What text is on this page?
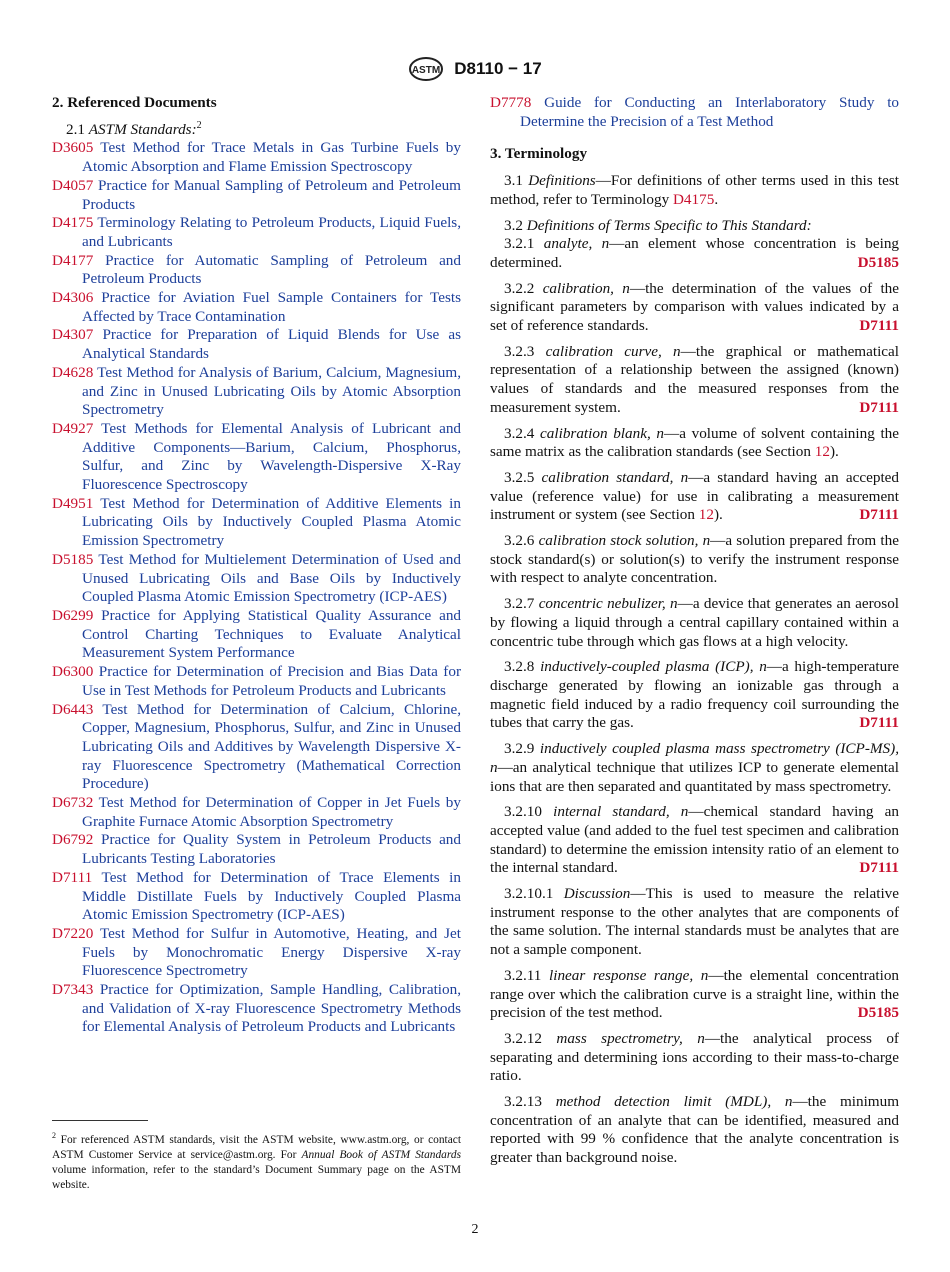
ASTM D8110 − 17
2. Referenced Documents
2.1 ASTM Standards:$^2$

D3605 Test Method for Trace Metals in Gas Turbine Fuels by Atomic Absorption and Flame Emission Spectroscopy

D4057 Practice for Manual Sampling of Petroleum and Petroleum Products

D4175 Terminology Relating to Petroleum Products, Liquid Fuels, and Lubricants

D4177 Practice for Automatic Sampling of Petroleum and Petroleum Products

D4306 Practice for Aviation Fuel Sample Containers for Tests Affected by Trace Contamination

D4307 Practice for Preparation of Liquid Blends for Use as Analytical Standards

D4628 Test Method for Analysis of Barium, Calcium, Magnesium, and Zinc in Unused Lubricating Oils by Atomic Absorption Spectrometry

D4927 Test Methods for Elemental Analysis of Lubricant and Additive Components—Barium, Calcium, Phosphorus, Sulfur, and Zinc by Wavelength-Dispersive X-Ray Fluorescence Spectroscopy

D4951 Test Method for Determination of Additive Elements in Lubricating Oils by Inductively Coupled Plasma Atomic Emission Spectrometry

D5185 Test Method for Multielement Determination of Used and Unused Lubricating Oils and Base Oils by Inductively Coupled Plasma Atomic Emission Spectrometry (ICP-AES)

D6299 Practice for Applying Statistical Quality Assurance and Control Charting Techniques to Evaluate Analytical Measurement System Performance

D6300 Practice for Determination of Precision and Bias Data for Use in Test Methods for Petroleum Products and Lubricants

D6443 Test Method for Determination of Calcium, Chlorine, Copper, Magnesium, Phosphorus, Sulfur, and Zinc in Unused Lubricating Oils and Additives by Wavelength Dispersive X-ray Fluorescence Spectrometry (Mathematical Correction Procedure)

D6732 Test Method for Determination of Copper in Jet Fuels by Graphite Furnace Atomic Absorption Spectrometry

D6792 Practice for Quality System in Petroleum Products and Lubricants Testing Laboratories

D7111 Test Method for Determination of Trace Elements in Middle Distillate Fuels by Inductively Coupled Plasma Atomic Emission Spectrometry (ICP-AES)

D7220 Test Method for Sulfur in Automotive, Heating, and Jet Fuels by Monochromatic Energy Dispersive X-ray Fluorescence Spectrometry

D7343 Practice for Optimization, Sample Handling, Calibration, and Validation of X-ray Fluorescence Spectrometry Methods for Elemental Analysis of Petroleum Products and Lubricants

D7778 Guide for Conducting an Interlaboratory Study to Determine the Precision of a Test Method

3. Terminology

3.1 Definitions—For definitions of other terms used in this test method, refer to Terminology D4175.

3.2 Definitions of Terms Specific to This Standard:

3.2.1 analyte, n—an element whose concentration is being determined.	D5185

3.2.2 calibration, n—the determination of the values of the significant parameters by comparison with values indicated by a set of reference standards.	D7111

3.2.3 calibration curve, n—the graphical or mathematical representation of a relationship between the assigned (known) values of standards and the measured responses from the measurement system.	D7111

3.2.4 calibration blank, n—a volume of solvent containing the same matrix as the calibration standards (see Section 12).

3.2.5 calibration standard, n—a standard having an accepted value (reference value) for use in calibrating a measurement instrument or system (see Section 12).	D7111

3.2.6 calibration stock solution, n—a solution prepared from the stock standard(s) or solution(s) to verify the instrument response with respect to analyte concentration.

3.2.7 concentric nebulizer, n—a device that generates an aerosol by flowing a liquid through a central capillary contained within a concentric tube through which gas flows at a high velocity.

3.2.8 inductively-coupled plasma (ICP), n—a high-temperature discharge generated by flowing an ionizable gas through a magnetic field induced by a radio frequency coil surrounding the tubes that carry the gas.	D7111

3.2.9 inductively coupled plasma mass spectrometry (ICP-MS), n—an analytical technique that utilizes ICP to generate elemental ions that are then separated and quantitated by mass spectrometry.

3.2.10 internal standard, n—chemical standard having an accepted value (and added to the fuel test specimen and calibration standard) to determine the emission intensity ratio of an element to the internal standard.	D7111

3.2.10.1 Discussion—This is used to measure the relative instrument response to the other analytes that are components of the same solution. The internal standards must be analytes that are not a sample component.

3.2.11 linear response range, n—the elemental concentration range over which the calibration curve is a straight line, within the precision of the test method.	D5185

3.2.12 mass spectrometry, n—the analytical process of separating and determining ions according to their mass-to-charge ratio.

3.2.13 method detection limit (MDL), n—the minimum concentration of an analyte that can be identified, measured and reported with 99 % confidence that the analyte concentration is greater than background noise.

$^2$ For referenced ASTM standards, visit the ASTM website, www.astm.org, or contact ASTM Customer Service at service@astm.org. For Annual Book of ASTM Standards volume information, refer to the standard’s Document Summary page on the ASTM website.
2
